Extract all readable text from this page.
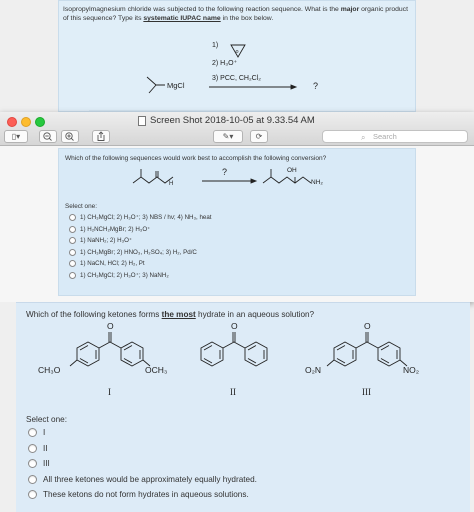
Isopropylmagnesium chloride was subjected to the following reaction sequence. What is the major organic product of this sequence? Type its systematic IUPAC name in the box below.
1)
2) H₃O⁺
3) PCC, CH₂Cl₂
MgCl	?
o
Screen Shot 2018-10-05 at 9.33.54 AM
▯▾	✎▾	⟳	⌕ Search
Which of the following sequences would work best to accomplish the following conversion?
H
?	OH
NH₂
Select one:
1) CH₃MgCl; 2) H₃O⁺; 3) NBS / hν; 4) NH₃, heat
1) H₂NCH₂MgBr; 2) H₃O⁺
1) NaNH₂; 2) H₃O⁺
1) CH₃MgBr; 2) HNO₃, H₂SO₄; 3) H₂, Pd/C
1) NaCN, HCl; 2) H₂, Pt
1) CH₃MgCl; 2) H₃O⁺; 3) NaNH₂
Which of the following ketones forms the most hydrate in an aqueous solution?
O	O	O
CH₃O	OCH₃	O₂N	NO₂
I	II	III
Select one:
I
II
III
All three ketones would be approximately equally hydrated.
These ketons do not form hydrates in aqueous solutions.
